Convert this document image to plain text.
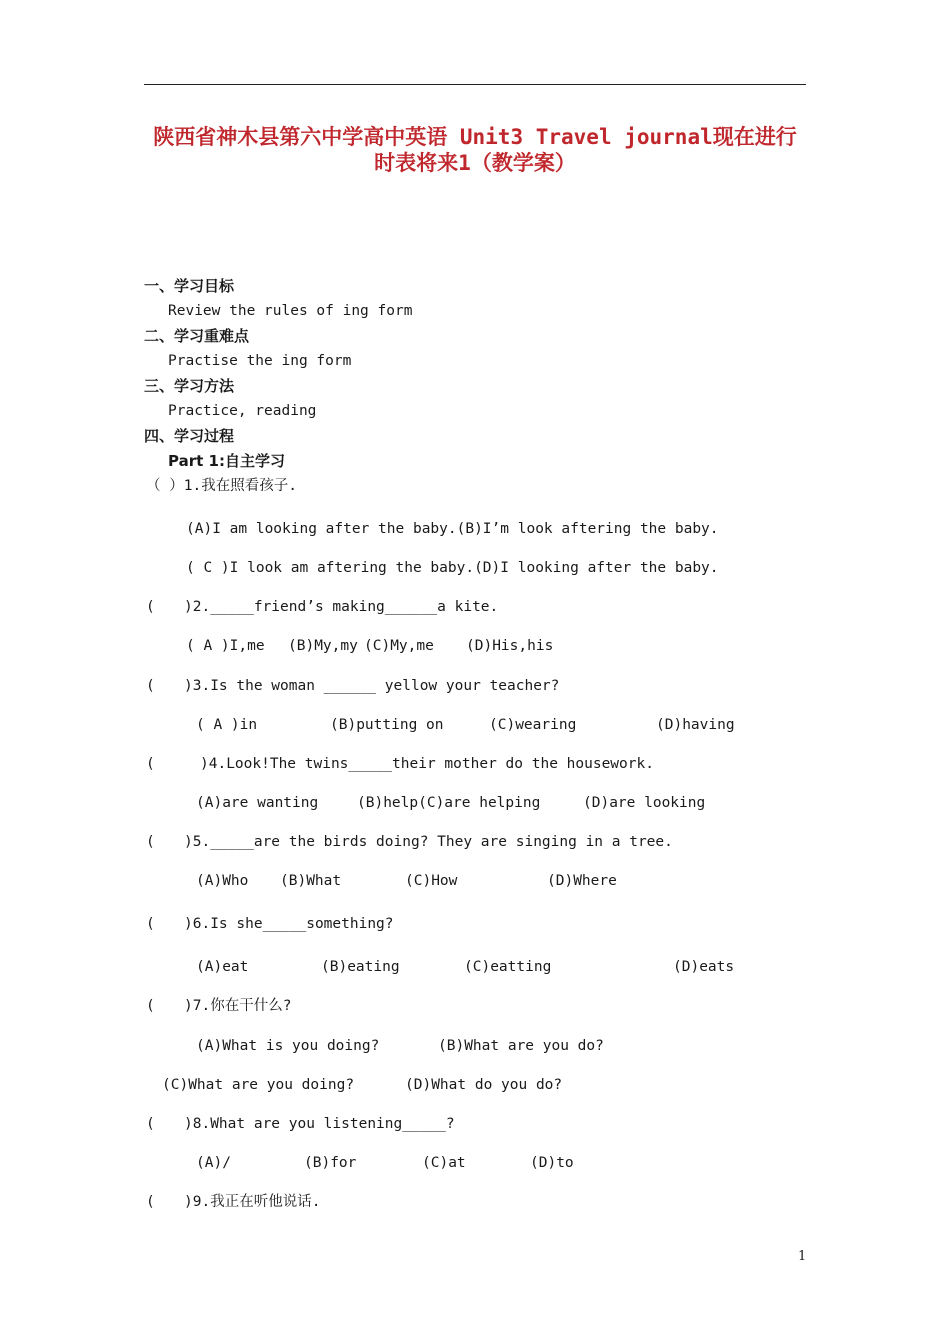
陕西省神木县第六中学高中英语 Unit3 Travel journal现在进行
时表将来1（教学案）
一、学习目标
Review the rules of ing form
二、学习重难点
Practise the ing form
三、学习方法
Practice, reading
四、学习过程
Part 1:自主学习
（ ）1.我在照看孩子.
(A)I am looking after the baby.(B)I’m look aftering the baby.
( C )I look am aftering the baby.(D)I looking after the baby.
( )2._____friend’s making______a kite.
( A )I,me (B)My,my (C)My,me (D)His,his
( )3.Is the woman ______ yellow your teacher?
( A )in	(B)putting on	(C)wearing	(D)having
(	)4.Look!The twins_____their mother do the housework.
(A)are wanting	(B)help(C)are helping	(D)are looking
( )5._____are the birds doing? They are singing in a tree.
(A)Who (B)What	(C)How	(D)Where
( )6.Is she_____something?
(A)eat	(B)eating	(C)eatting	(D)eats
( )7.你在干什么?
(A)What is you doing?	(B)What are you do?
(C)What are you doing?	(D)What do you do?
( )8.What are you listening_____?
(A)/	(B)for	(C)at	(D)to
( )9.我正在听他说话.
1
